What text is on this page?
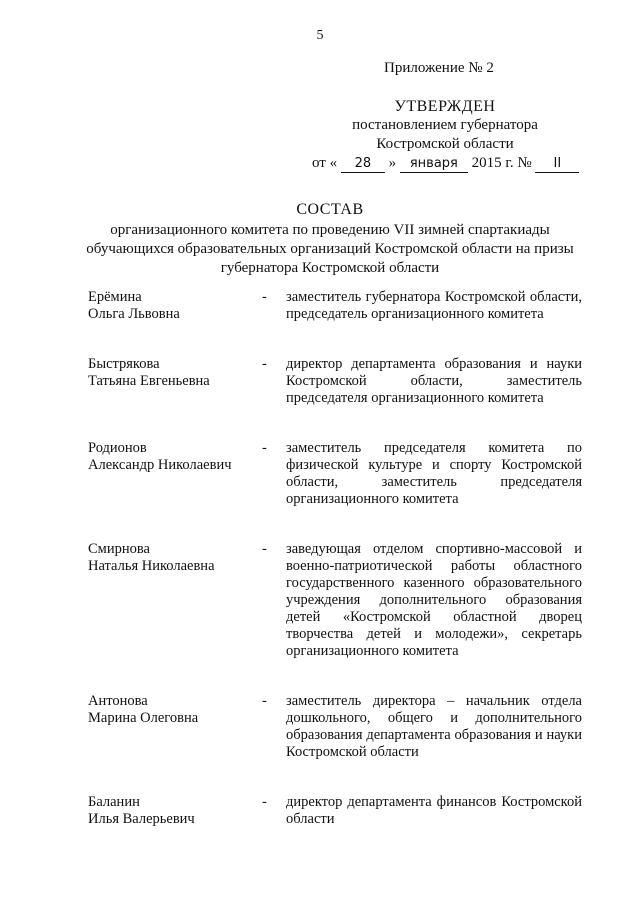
5
Приложение № 2
УТВЕРЖДЕН
постановлением губернатора
Костромской области
от « 28 » января 2015 г. № II
СОСТАВ
организационного комитета по проведению VII зимней спартакиады обучающихся образовательных организаций Костромской области на призы губернатора Костромской области
Ерёмина
Ольга Львовна
-	заместитель губернатора Костромской области, председатель организационного комитета
Быстрякова
Татьяна Евгеньевна
-	директор департамента образования и науки Костромской области, заместитель председателя организационного комитета
Родионов
Александр Николаевич
-	заместитель председателя комитета по физической культуре и спорту Костромской области, заместитель председателя организационного комитета
Смирнова
Наталья Николаевна
-	заведующая отделом спортивно-массовой и военно-патриотической работы областного государственного казенного образовательного учреждения дополнительного образования детей «Костромской областной дворец творчества детей и молодежи», секретарь организационного комитета
Антонова
Марина Олеговна
-	заместитель директора – начальник отдела дошкольного, общего и дополнительного образования департамента образования и науки Костромской области
Баланин
Илья Валерьевич
-	директор департамента финансов Костромской области
